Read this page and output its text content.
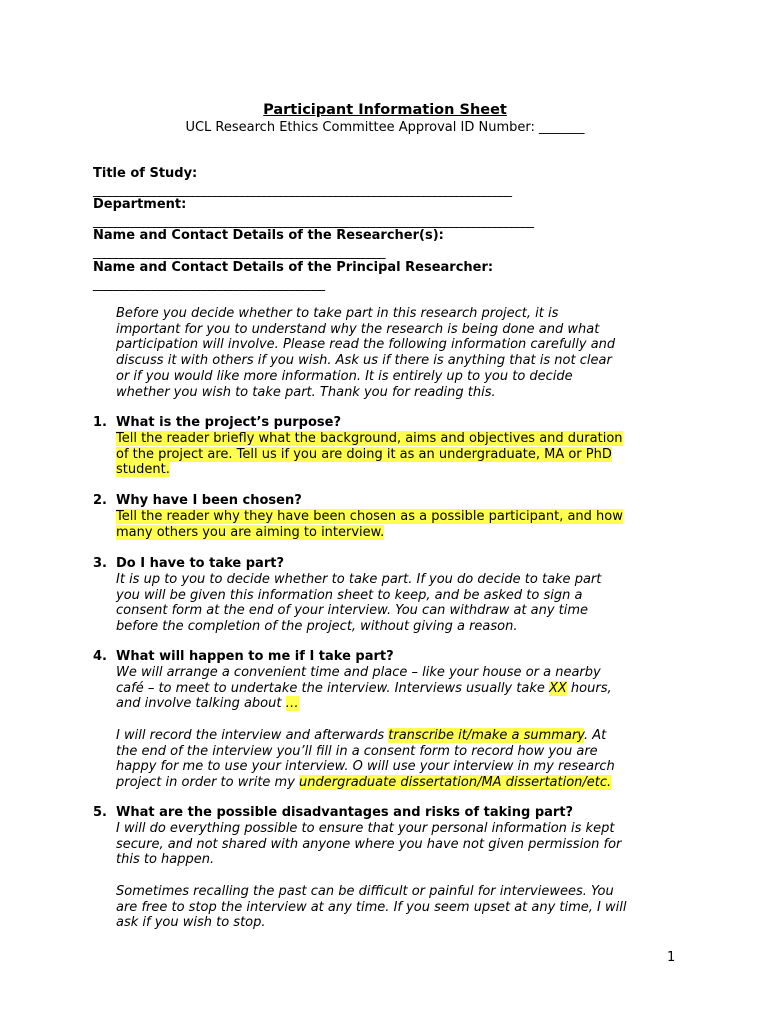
Participant Information Sheet
UCL Research Ethics Committee Approval ID Number: _______
Title of Study:
____________________________________________________________________________
Department:
________________________________________________________________________________
Name and Contact Details of the Researcher(s):
_____________________________________________________
Name and Contact Details of the Principal Researcher:
__________________________________________
Before you decide whether to take part in this research project, it is
important for you to understand why the research is being done and what
participation will involve. Please read the following information carefully and
discuss it with others if you wish. Ask us if there is anything that is not clear
or if you would like more information. It is entirely up to you to decide
whether you wish to take part. Thank you for reading this.
1. What is the project’s purpose?
Tell the reader briefly what the background, aims and objectives and duration
of the project are. Tell us if you are doing it as an undergraduate, MA or PhD
student.
2. Why have I been chosen?
Tell the reader why they have been chosen as a possible participant, and how
many others you are aiming to interview.
3. Do I have to take part?
It is up to you to decide whether to take part. If you do decide to take part
you will be given this information sheet to keep, and be asked to sign a
consent form at the end of your interview. You can withdraw at any time
before the completion of the project, without giving a reason.
4. What will happen to me if I take part?
We will arrange a convenient time and place – like your house or a nearby
café – to meet to undertake the interview. Interviews usually take XX hours,
and involve talking about …
I will record the interview and afterwards transcribe it/make a summary. At
the end of the interview you’ll fill in a consent form to record how you are
happy for me to use your interview. O will use your interview in my research
project in order to write my undergraduate dissertation/MA dissertation/etc.
5. What are the possible disadvantages and risks of taking part?
I will do everything possible to ensure that your personal information is kept
secure, and not shared with anyone where you have not given permission for
this to happen.
Sometimes recalling the past can be difficult or painful for interviewees. You
are free to stop the interview at any time. If you seem upset at any time, I will
ask if you wish to stop.
1
